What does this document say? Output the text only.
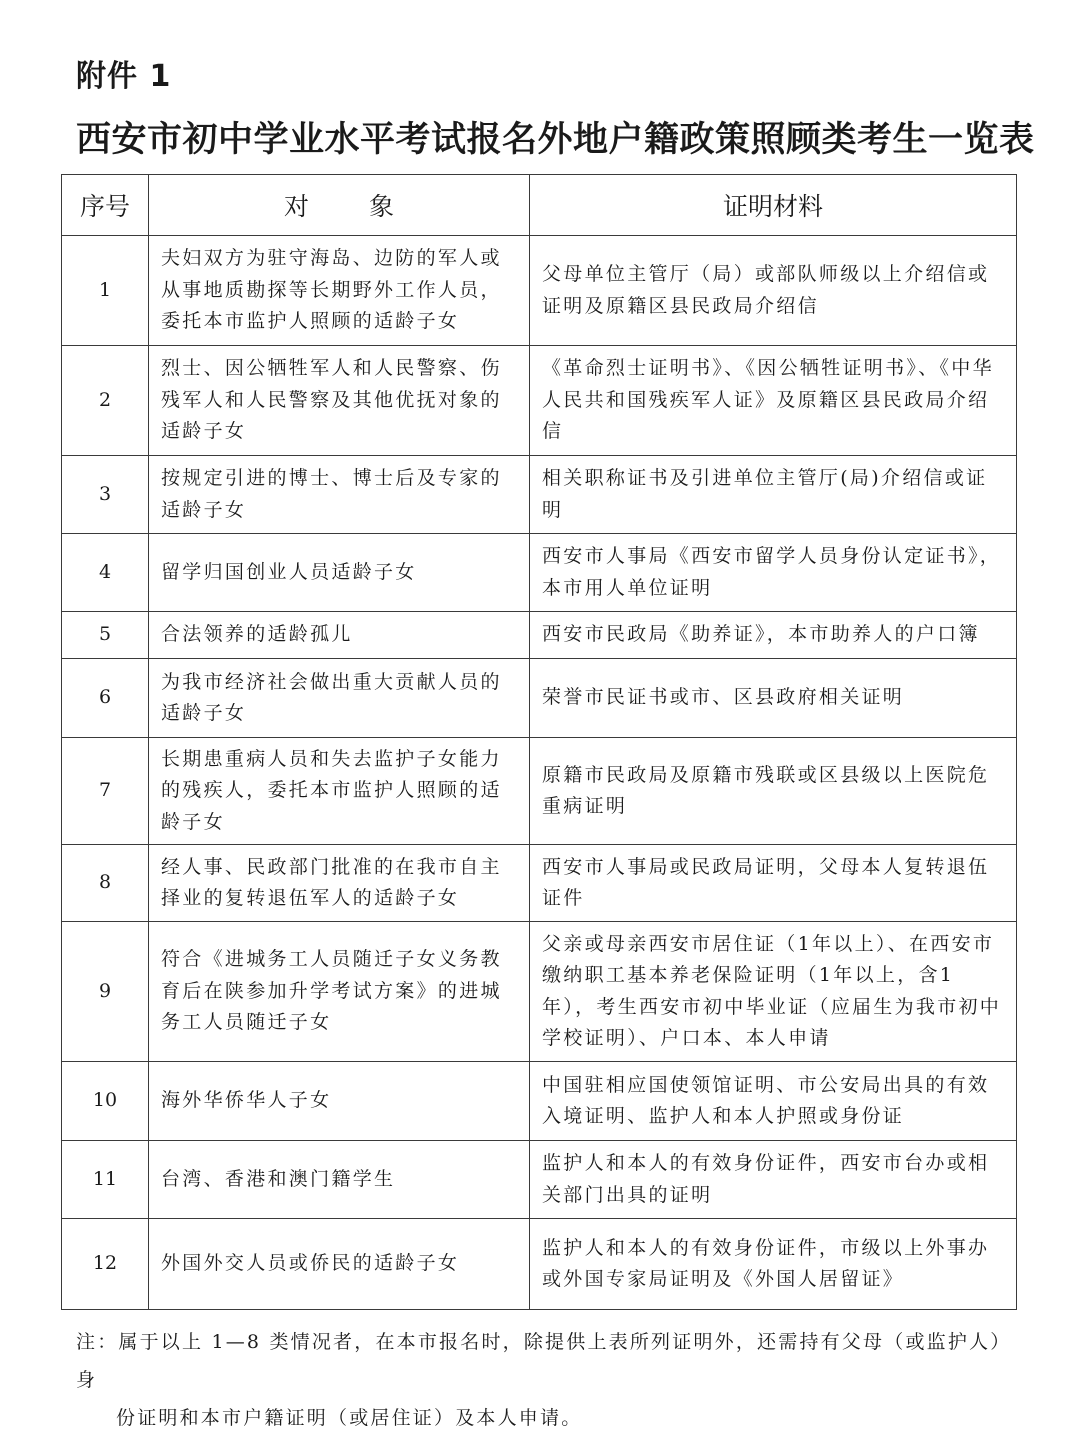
附件 1
西安市初中学业水平考试报名外地户籍政策照顾类考生一览表
序号	对 象	证明材料
1	夫妇双方为驻守海岛、边防的军人或从事地质勘探等长期野外工作人员，委托本市监护人照顾的适龄子女	父母单位主管厅（局）或部队师级以上介绍信或证明及原籍区县民政局介绍信
2	烈士、因公牺牲军人和人民警察、伤残军人和人民警察及其他优抚对象的适龄子女	《革命烈士证明书》、《因公牺牲证明书》、《中华人民共和国残疾军人证》及原籍区县民政局介绍信
3	按规定引进的博士、博士后及专家的适龄子女	相关职称证书及引进单位主管厅(局)介绍信或证明
4	留学归国创业人员适龄子女	西安市人事局《西安市留学人员身份认定证书》，本市用人单位证明
5	合法领养的适龄孤儿	西安市民政局《助养证》，本市助养人的户口簿
6	为我市经济社会做出重大贡献人员的适龄子女	荣誉市民证书或市、区县政府相关证明
7	长期患重病人员和失去监护子女能力的残疾人，委托本市监护人照顾的适龄子女	原籍市民政局及原籍市残联或区县级以上医院危重病证明
8	经人事、民政部门批准的在我市自主择业的复转退伍军人的适龄子女	西安市人事局或民政局证明，父母本人复转退伍证件
9	符合《进城务工人员随迁子女义务教育后在陕参加升学考试方案》的进城务工人员随迁子女	父亲或母亲西安市居住证（1年以上）、在西安市缴纳职工基本养老保险证明（1年以上，含1年），考生西安市初中毕业证（应届生为我市初中学校证明）、户口本、本人申请
10	海外华侨华人子女	中国驻相应国使领馆证明、市公安局出具的有效入境证明、监护人和本人护照或身份证
11	台湾、香港和澳门籍学生	监护人和本人的有效身份证件，西安市台办或相关部门出具的证明
12	外国外交人员或侨民的适龄子女	监护人和本人的有效身份证件，市级以上外事办或外国专家局证明及《外国人居留证》
注：属于以上 1—8 类情况者，在本市报名时，除提供上表所列证明外，还需持有父母（或监护人）身
份证明和本市户籍证明（或居住证）及本人申请。
